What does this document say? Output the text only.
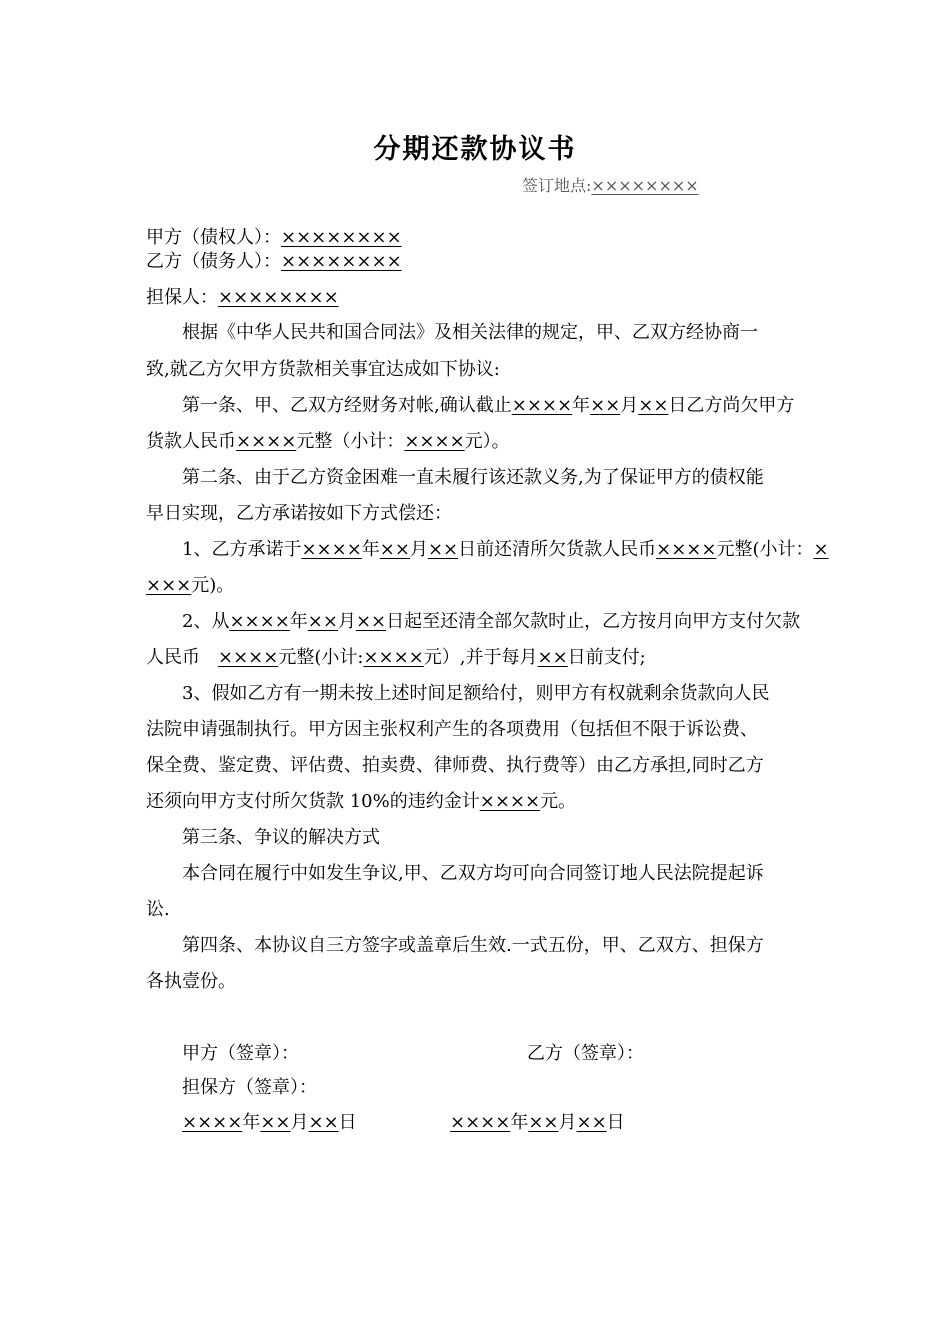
分期还款协议书
签订地点:××××××××
甲方（债权人）：××××××××
乙方（债务人）：××××××××
担保人：××××××××
根据《中华人民共和国合同法》及相关法律的规定，甲、乙双方经协商一
致,就乙方欠甲方货款相关事宜达成如下协议:
第一条、甲、乙双方经财务对帐,确认截止××××年××月××日乙方尚欠甲方
货款人民币××××元整（小计：××××元）。
第二条、由于乙方资金困难一直未履行该还款义务,为了保证甲方的债权能
早日实现，乙方承诺按如下方式偿还：
1、乙方承诺于××××年××月××日前还清所欠货款人民币××××元整(小计：×
×××元)。
2、从××××年××月××日起至还清全部欠款时止，乙方按月向甲方支付欠款
人民币　××××元整(小计:××××元）,并于每月××日前支付;
3、假如乙方有一期未按上述时间足额给付，则甲方有权就剩余货款向人民
法院申请强制执行。甲方因主张权利产生的各项费用（包括但不限于诉讼费、
保全费、鉴定费、评估费、拍卖费、律师费、执行费等）由乙方承担,同时乙方
还须向甲方支付所欠货款 10%的违约金计××××元。
第三条、争议的解决方式
本合同在履行中如发生争议,甲、乙双方均可向合同签订地人民法院提起诉
讼.
第四条、本协议自三方签字或盖章后生效.一式五份，甲、乙双方、担保方
各执壹份。
甲方（签章）：	乙方（签章）：
担保方（签章）：
××××年××月××日	××××年××月××日
